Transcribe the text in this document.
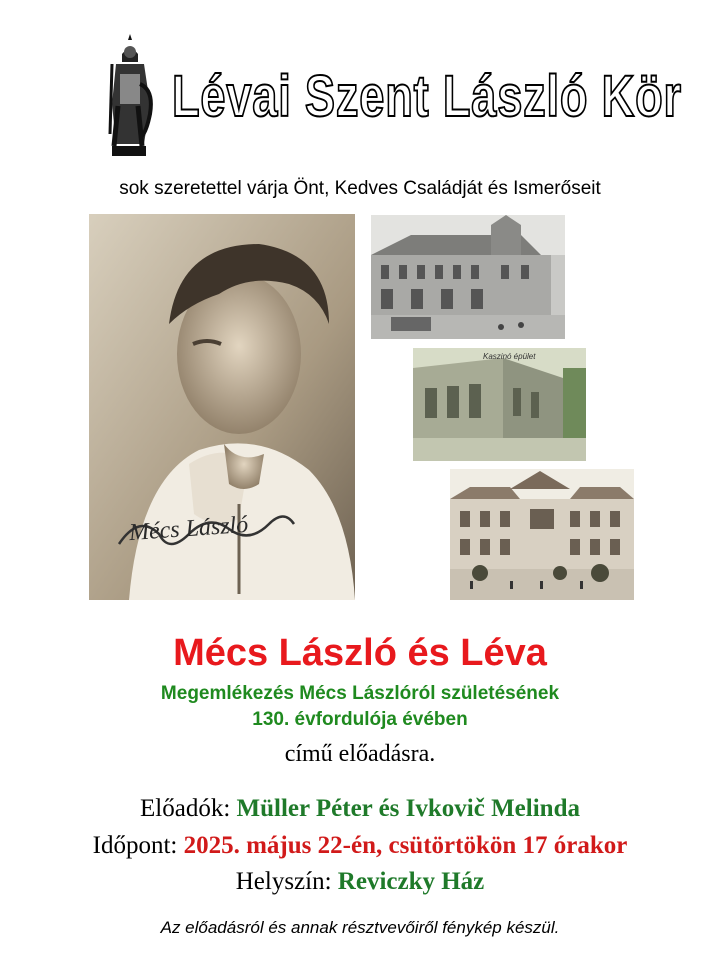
Lévai Szent László Kör
sok szeretettel várja Önt, Kedves Családját és Ismerőseit
Mécs László
Kaszinó épület
Mécs László és Léva
Megemlékezés Mécs Lászlóról születésének
130. évfordulója évében
című előadásra.
Előadók: Müller Péter és Ivkovič Melinda
Időpont: 2025. május 22-én, csütörtökön 17 órakor
Helyszín: Reviczky Ház
Az előadásról és annak résztvevőiről fénykép készül.
